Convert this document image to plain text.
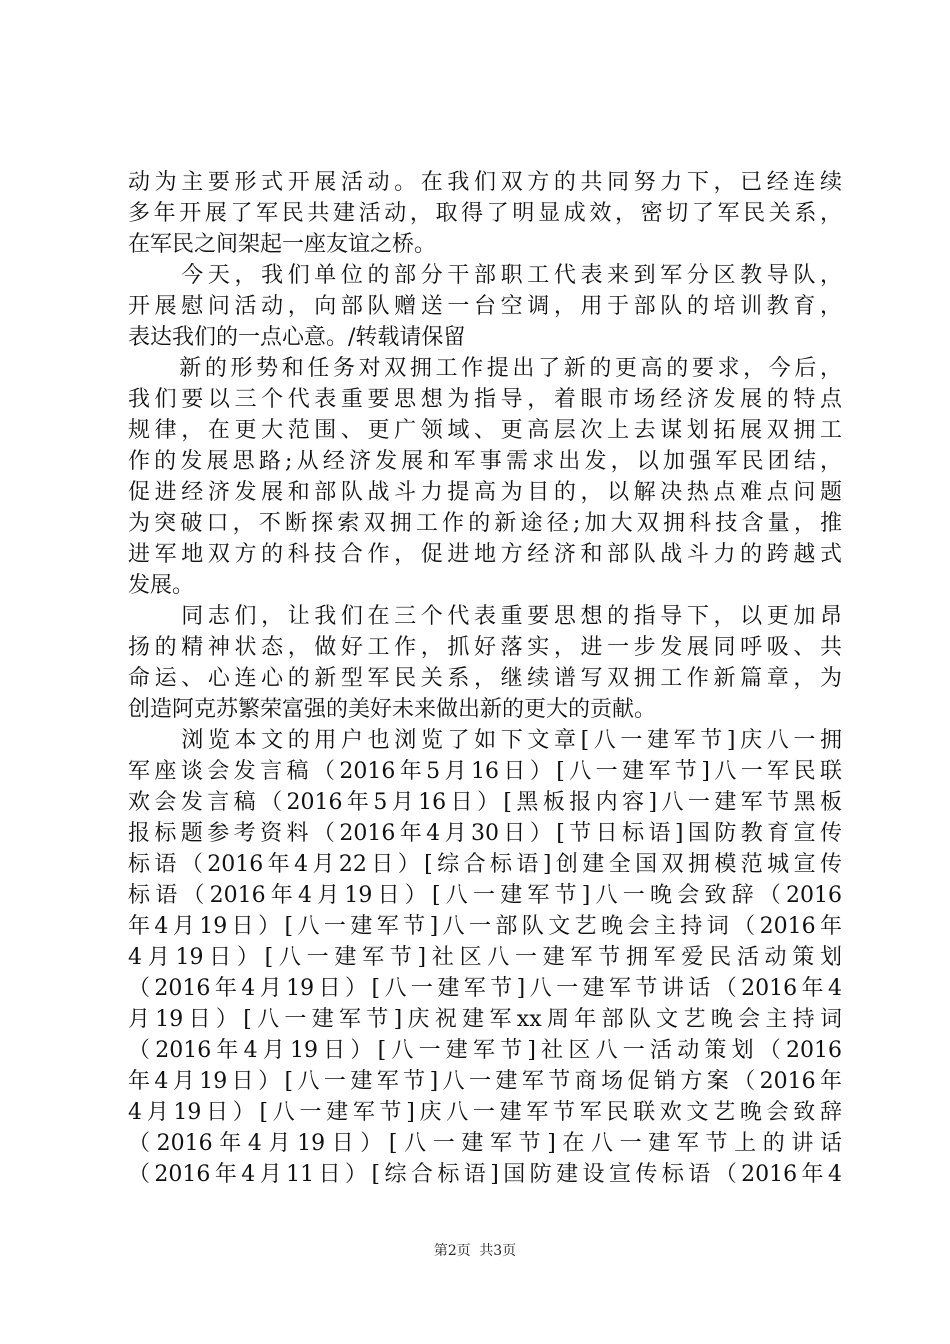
动为主要形式开展活动。在我们双方的共同努力下，已经连续
多年开展了军民共建活动，取得了明显成效，密切了军民关系，
在军民之间架起一座友谊之桥。
　　今天，我们单位的部分干部职工代表来到军分区教导队，
开展慰问活动，向部队赠送一台空调，用于部队的培训教育，
表达我们的一点心意。/转载请保留
　　新的形势和任务对双拥工作提出了新的更高的要求，今后，
我们要以三个代表重要思想为指导，着眼市场经济发展的特点
规律，在更大范围、更广领域、更高层次上去谋划拓展双拥工
作的发展思路;从经济发展和军事需求出发，以加强军民团结，
促进经济发展和部队战斗力提高为目的，以解决热点难点问题
为突破口，不断探索双拥工作的新途径;加大双拥科技含量，推
进军地双方的科技合作，促进地方经济和部队战斗力的跨越式
发展。
　　同志们，让我们在三个代表重要思想的指导下，以更加昂
扬的精神状态，做好工作，抓好落实，进一步发展同呼吸、共
命运、心连心的新型军民关系，继续谱写双拥工作新篇章，为
创造阿克苏繁荣富强的美好未来做出新的更大的贡献。
　　浏览本文的用户也浏览了如下文章[八一建军节]庆八一拥
军座谈会发言稿（2016年5月16日）[八一建军节]八一军民联
欢会发言稿（2016年5月16日）[黑板报内容]八一建军节黑板
报标题参考资料（2016年4月30日）[节日标语]国防教育宣传
标语（2016年4月22日）[综合标语]创建全国双拥模范城宣传
标语（2016年4月19日）[八一建军节]八一晚会致辞（2016
年4月19日）[八一建军节]八一部队文艺晚会主持词（2016年
4月19日）[八一建军节]社区八一建军节拥军爱民活动策划
（2016年4月19日）[八一建军节]八一建军节讲话（2016年4
月19日）[八一建军节]庆祝建军xx周年部队文艺晚会主持词
（2016年4月19日）[八一建军节]社区八一活动策划（2016
年4月19日）[八一建军节]八一建军节商场促销方案（2016年
4月19日）[八一建军节]庆八一建军节军民联欢文艺晚会致辞
（2016年4月19日）[八一建军节]在八一建军节上的讲话
（2016年4月11日）[综合标语]国防建设宣传标语（2016年4
第2页 共3页
